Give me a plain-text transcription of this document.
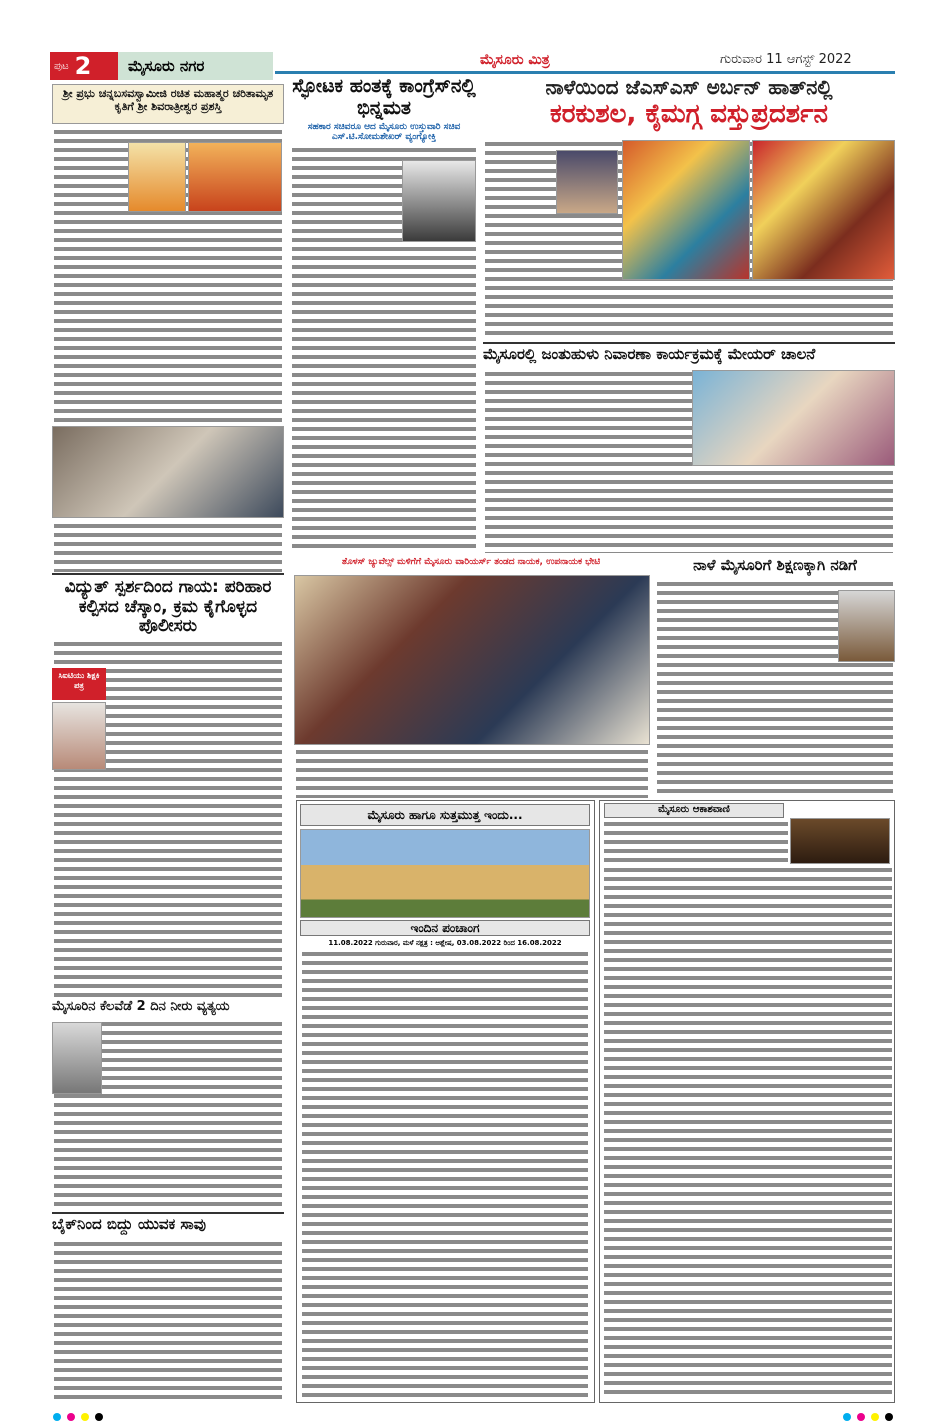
ಪುಟ 2	ಮೈಸೂರು ನಗರ	ಮೈಸೂರು ಮಿತ್ರ	ಗುರುವಾರ 11 ಆಗಸ್ಟ್ 2022
ಶ್ರೀ ಪ್ರಭು ಚನ್ನಬಸವಸ್ವಾಮೀಜಿ ರಚಿತ ಮಹಾತ್ಮರ ಚರಿತಾಮೃತ ಕೃತಿಗೆ ಶ್ರೀ ಶಿವರಾತ್ರೀಶ್ವರ ಪ್ರಶಸ್ತಿ
ವಿದ್ಯುತ್ ಸ್ಪರ್ಶದಿಂದ ಗಾಯ: ಪರಿಹಾರ ಕಲ್ಪಿಸದ ಚೆಸ್ಕಾಂ, ಕ್ರಮ ಕೈಗೊಳ್ಳದ ಪೊಲೀಸರು
ಸಿಐಟಿಯು ಶಿಕ್ಷಕಿ ಪತ್ರ
ಮೈಸೂರಿನ ಕೆಲವೆಡೆ 2 ದಿನ ನೀರು ವ್ಯತ್ಯಯ
ಬೈಕ್‌ನಿಂದ ಬಿದ್ದು ಯುವಕ ಸಾವು
ಸ್ಫೋಟಕ ಹಂತಕ್ಕೆ ಕಾಂಗ್ರೆಸ್‌ನಲ್ಲಿ ಭಿನ್ನಮತ
ಸಹಕಾರ ಸಚಿವರೂ ಆದ ಮೈಸೂರು ಉಸ್ತುವಾರಿ ಸಚಿವ ಎಸ್.ಟಿ.ಸೋಮಶೇಖರ್ ವ್ಯಂಗ್ಯೋಕ್ತಿ
ನಾಳೆಯಿಂದ ಜೆಎಸ್‌ಎಸ್ ಅರ್ಬನ್ ಹಾತ್‌ನಲ್ಲಿ
ಕರಕುಶಲ, ಕೈಮಗ್ಗ ವಸ್ತುಪ್ರದರ್ಶನ
ಮೈಸೂರಲ್ಲಿ ಜಂತುಹುಳು ನಿವಾರಣಾ ಕಾರ್ಯಕ್ರಮಕ್ಕೆ ಮೇಯರ್ ಚಾಲನೆ
ತೊಳಸ್ ಜ್ಯುವೆಲ್ಸ್ ಮಳಿಗೆಗೆ ಮೈಸೂರು ವಾರಿಯರ್ಸ್ ತಂಡದ ನಾಯಕ, ಉಪನಾಯಕ ಭೇಟಿ	ನಾಳೆ ಮೈಸೂರಿಗೆ ಶಿಕ್ಷಣಕ್ಕಾಗಿ ನಡಿಗೆ
ಮೈಸೂರು ಹಾಗೂ ಸುತ್ತಮುತ್ತ ಇಂದು...
ಇಂದಿನ ಪಂಚಾಂಗ
11.08.2022 ಗುರುವಾರ, ಮಳೆ ನಕ್ಷತ್ರ : ಆಶ್ಲೇಷ, 03.08.2022 ರಿಂದ 16.08.2022
ಮೈಸೂರು ಆಕಾಶವಾಣಿ
